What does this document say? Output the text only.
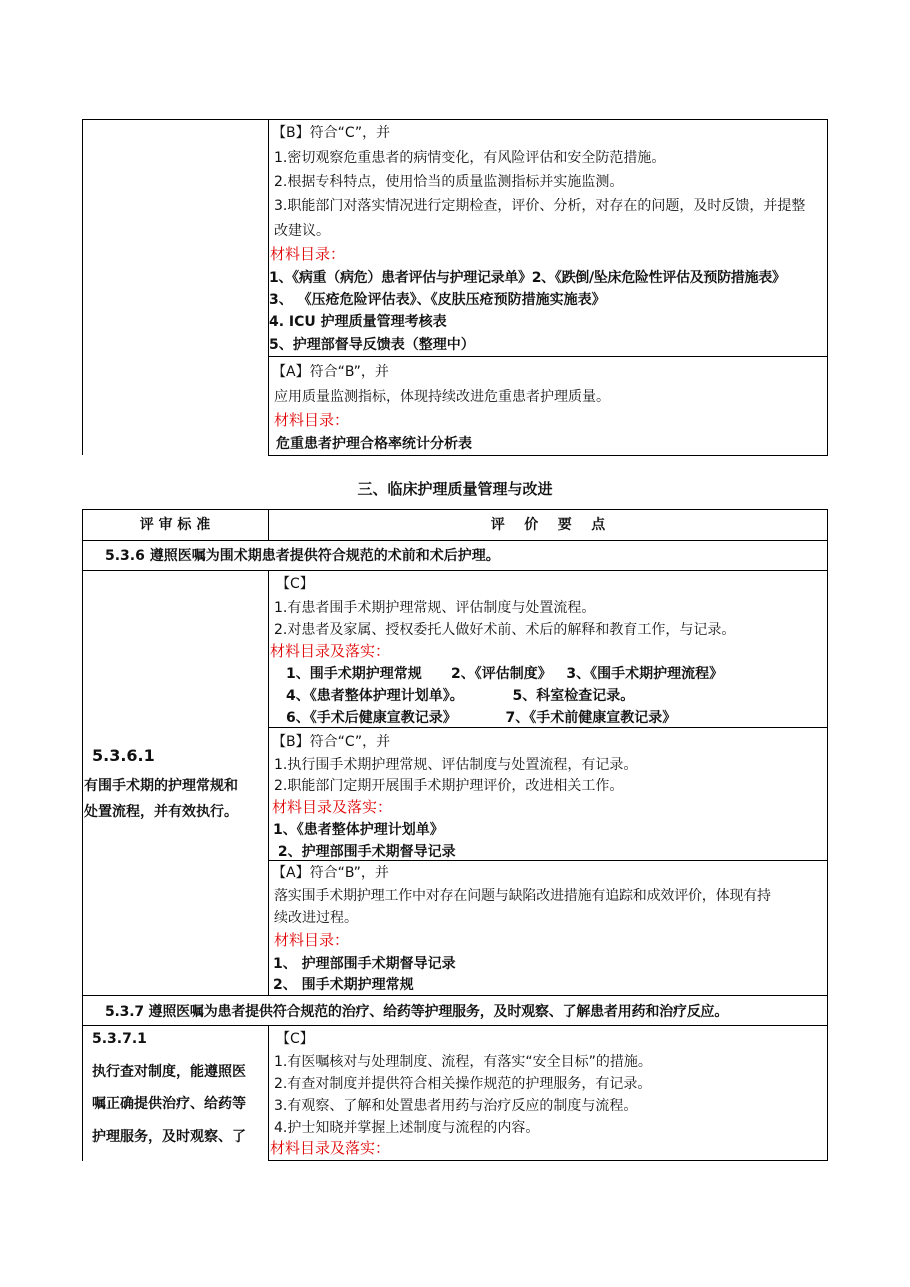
【B】符合“C”，并
1.密切观察危重患者的病情变化，有风险评估和安全防范措施。
2.根据专科特点，使用恰当的质量监测指标并实施监测。
3.职能部门对落实情况进行定期检查，评价、分析，对存在的问题，及时反馈，并提整
改建议。
材料目录：
1、《病重（病危）患者评估与护理记录单》2、《跌倒/坠床危险性评估及预防措施表》
3、 《压疮危险评估表》、《皮肤压疮预防措施实施表》
4. ICU 护理质量管理考核表
5、护理部督导反馈表（整理中）
【A】符合“B”，并
应用质量监测指标，体现持续改进危重患者护理质量。
材料目录：
危重患者护理合格率统计分析表
三、临床护理质量管理与改进
评 审 标 准	评    价    要    点
5.3.6 遵照医嘱为围术期患者提供符合规范的术前和术后护理。
5.3.6.1
有围手术期的护理常规和
处置流程，并有效执行。
【C】
1.有患者围手术期护理常规、评估制度与处置流程。
2.对患者及家属、授权委托人做好术前、术后的解释和教育工作，与记录。
材料目录及落实：
1、围手术期护理常规      2、《评估制度》   3、《围手术期护理流程》
4、《患者整体护理计划单》。          5、科室检查记录。
6、《手术后健康宣教记录》          7、《手术前健康宣教记录》
【B】符合“C”，并
1.执行围手术期护理常规、评估制度与处置流程，有记录。
2.职能部门定期开展围手术期护理评价，改进相关工作。
材料目录及落实：
1、《患者整体护理计划单》
2、护理部围手术期督导记录
【A】符合“B”，并
落实围手术期护理工作中对存在问题与缺陷改进措施有追踪和成效评价，体现有持
续改进过程。
材料目录：
1、 护理部围手术期督导记录
2、 围手术期护理常规
5.3.7 遵照医嘱为患者提供符合规范的治疗、给药等护理服务，及时观察、了解患者用药和治疗反应。
5.3.7.1
执行查对制度，能遵照医
嘱正确提供治疗、给药等
护理服务，及时观察、了
【C】
1.有医嘱核对与处理制度、流程，有落实“安全目标”的措施。
2.有查对制度并提供符合相关操作规范的护理服务，有记录。
3.有观察、了解和处置患者用药与治疗反应的制度与流程。
4.护士知晓并掌握上述制度与流程的内容。
材料目录及落实：
